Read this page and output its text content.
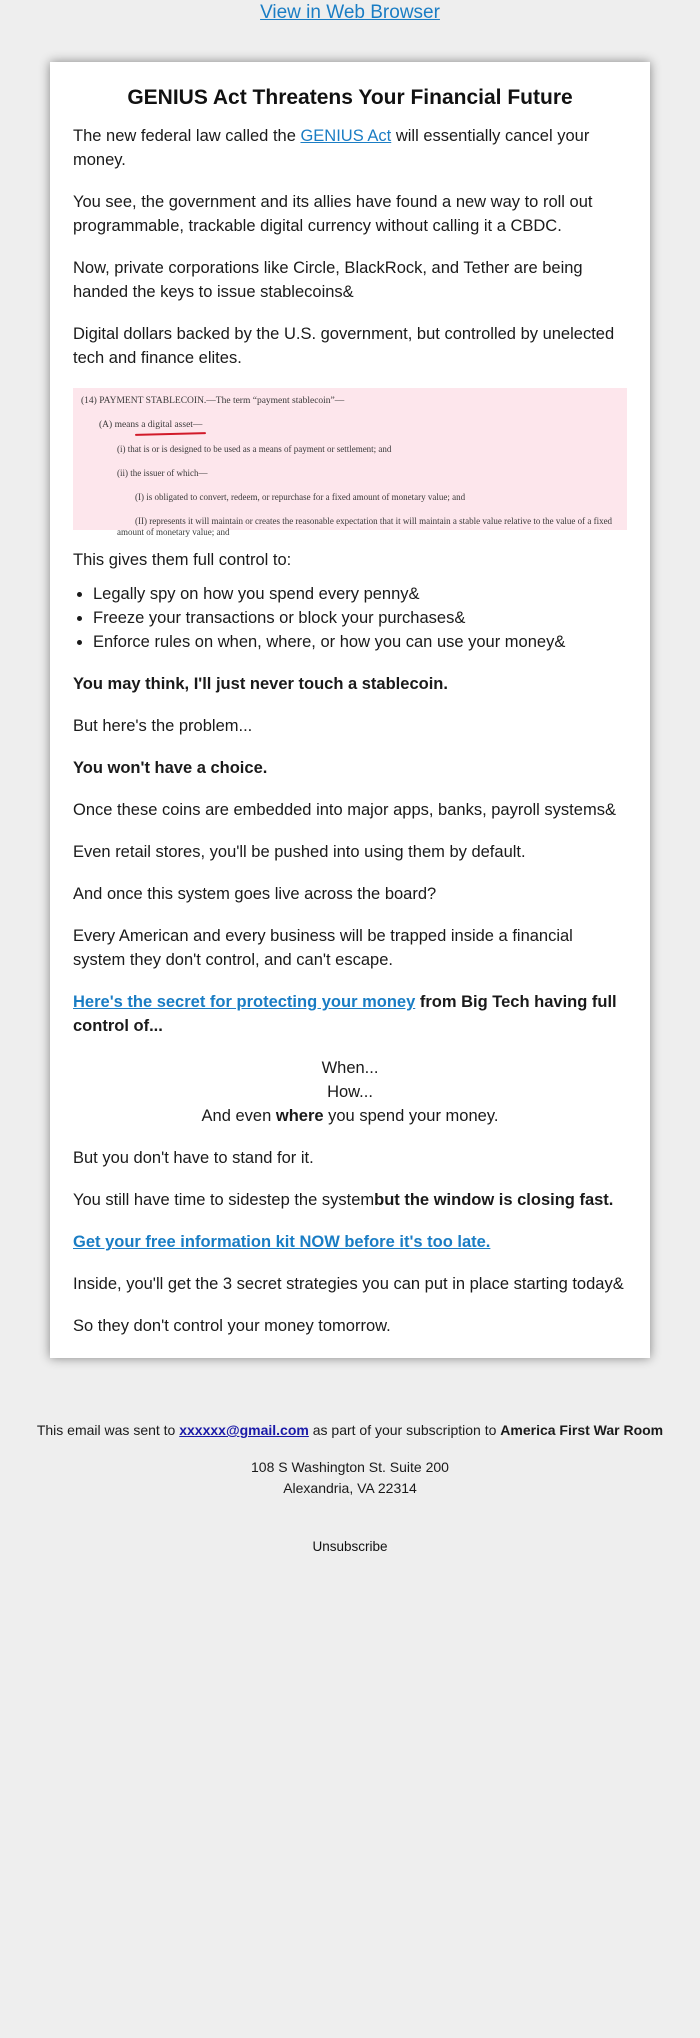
View in Web Browser
GENIUS Act Threatens Your Financial Future

The new federal law called the GENIUS Act will essentially cancel your money.

You see, the government and its allies have found a new way to roll out programmable, trackable digital currency without calling it a CBDC.

Now, private corporations like Circle, BlackRock, and Tether are being handed the keys to issue stablecoins&

Digital dollars backed by the U.S. government, but controlled by unelected tech and finance elites.

(14) PAYMENT STABLECOIN.—The term “payment stablecoin”—
(A) means a digital asset—
(i) that is or is designed to be used as a means of payment or settlement; and
(ii) the issuer of which—
(I) is obligated to convert, redeem, or repurchase for a fixed amount of monetary value; and
(II) represents it will maintain or creates the reasonable expectation that it will maintain a stable value relative to the value of a fixed amount of monetary value; and

This gives them full control to:

• Legally spy on how you spend every penny&
• Freeze your transactions or block your purchases&
• Enforce rules on when, where, or how you can use your money&

You may think, I'll just never touch a stablecoin.

But here's the problem...

You won't have a choice.

Once these coins are embedded into major apps, banks, payroll systems&

Even retail stores, you'll be pushed into using them by default.

And once this system goes live across the board?

Every American and every business will be trapped inside a financial system they don't control, and can't escape.

Here's the secret for protecting your money from Big Tech having full control of...

When...
How...
And even where you spend your money.

But you don't have to stand for it.

You still have time to sidestep the systembut the window is closing fast.

Get your free information kit NOW before it's too late.

Inside, you'll get the 3 secret strategies you can put in place starting today&

So they don't control your money tomorrow.

This email was sent to xxxxxx@gmail.com as part of your subscription to America First War Room

108 S Washington St. Suite 200
Alexandria, VA 22314

Unsubscribe
